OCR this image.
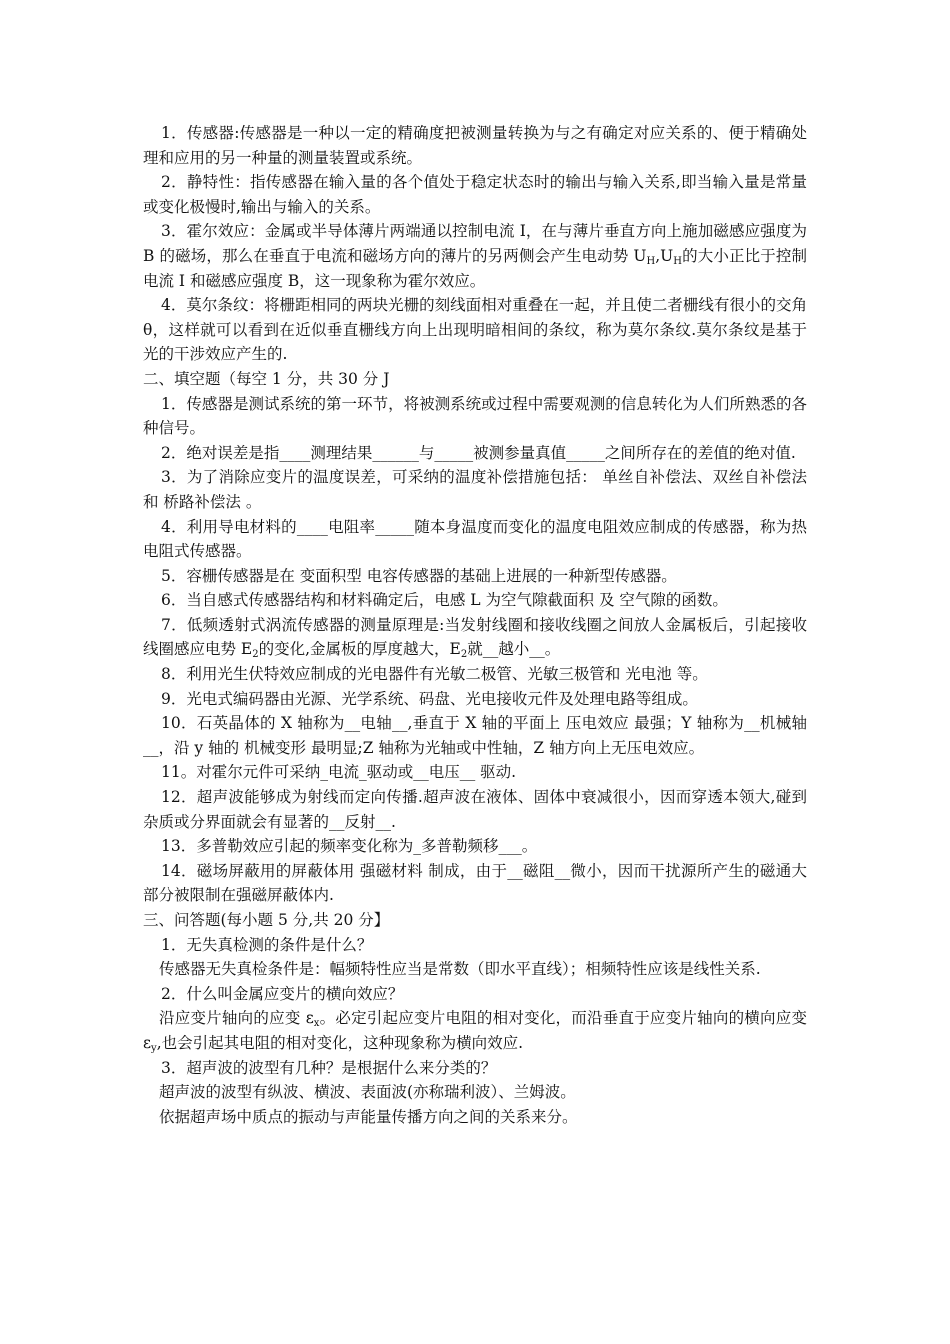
1．传感器:传感器是一种以一定的精确度把被测量转换为与之有确定对应关系的、便于精确处理和应用的另一种量的测量装置或系统。

2．静特性：指传感器在输入量的各个值处于稳定状态时的输出与输入关系,即当输入量是常量或变化极慢时,输出与输入的关系。

3．霍尔效应：金属或半导体薄片两端通以控制电流 I，在与薄片垂直方向上施加磁感应强度为 B 的磁场，那么在垂直于电流和磁场方向的薄片的另两侧会产生电动势 $U_H,U_H$的大小正比于控制电流 I 和磁感应强度 B，这一现象称为霍尔效应。

4．莫尔条纹：将栅距相同的两块光栅的刻线面相对重叠在一起，并且使二者栅线有很小的交角 θ，这样就可以看到在近似垂直栅线方向上出现明暗相间的条纹，称为莫尔条纹.莫尔条纹是基于光的干涉效应产生的.

二、填空题（每空 1 分，共 30 分 J

1．传感器是测试系统的第一环节，将被测系统或过程中需要观测的信息转化为人们所熟悉的各种信号。

2．绝对误差是指____测理结果______与_____被测参量真值_____之间所存在的差值的绝对值.

3．为了消除应变片的温度误差，可采纳的温度补偿措施包括： 单丝自补偿法、双丝自补偿法 和 桥路补偿法 。

4．利用导电材料的____电阻率_____随本身温度而变化的温度电阻效应制成的传感器，称为热电阻式传感器。

5．容栅传感器是在 变面积型 电容传感器的基础上进展的一种新型传感器。

6．当自感式传感器结构和材料确定后，电感 L 为空气隙截面积 及 空气隙的函数。

7．低频透射式涡流传感器的测量原理是:当发射线圈和接收线圈之间放人金属板后，引起接收线圈感应电势 $E_2$的变化,金属板的厚度越大，$E_2$就__越小__。

8．利用光生伏特效应制成的光电器件有光敏二极管、光敏三极管和 光电池 等。

9．光电式编码器由光源、光学系统、码盘、光电接收元件及处理电路等组成。

10．石英晶体的 X 轴称为__电轴__,垂直于 X 轴的平面上 压电效应 最强；Y 轴称为__机械轴__，沿 y 轴的 机械变形 最明显;Z 轴称为光轴或中性轴，Z 轴方向上无压电效应。

11。对霍尔元件可采纳_电流_驱动或__电压__ 驱动.

12．超声波能够成为射线而定向传播.超声波在液体、固体中衰减很小，因而穿透本领大,碰到杂质或分界面就会有显著的__反射__.

13．多普勒效应引起的频率变化称为_多普勒频移___。

14．磁场屏蔽用的屏蔽体用 强磁材料 制成，由于__磁阻__微小，因而干扰源所产生的磁通大部分被限制在强磁屏蔽体内.

三、问答题(每小题 5 分,共 20 分】

1．无失真检测的条件是什么？

传感器无失真检条件是：幅频特性应当是常数（即水平直线）；相频特性应该是线性关系.

2．什么叫金属应变片的横向效应？

沿应变片轴向的应变 $\varepsilon_x$。必定引起应变片电阻的相对变化，而沿垂直于应变片轴向的横向应变 $\varepsilon_y$,也会引起其电阻的相对变化，这种现象称为横向效应.

3．超声波的波型有几种？是根据什么来分类的？

超声波的波型有纵波、横波、表面波(亦称瑞利波）、兰姆波。

依据超声场中质点的振动与声能量传播方向之间的关系来分。
